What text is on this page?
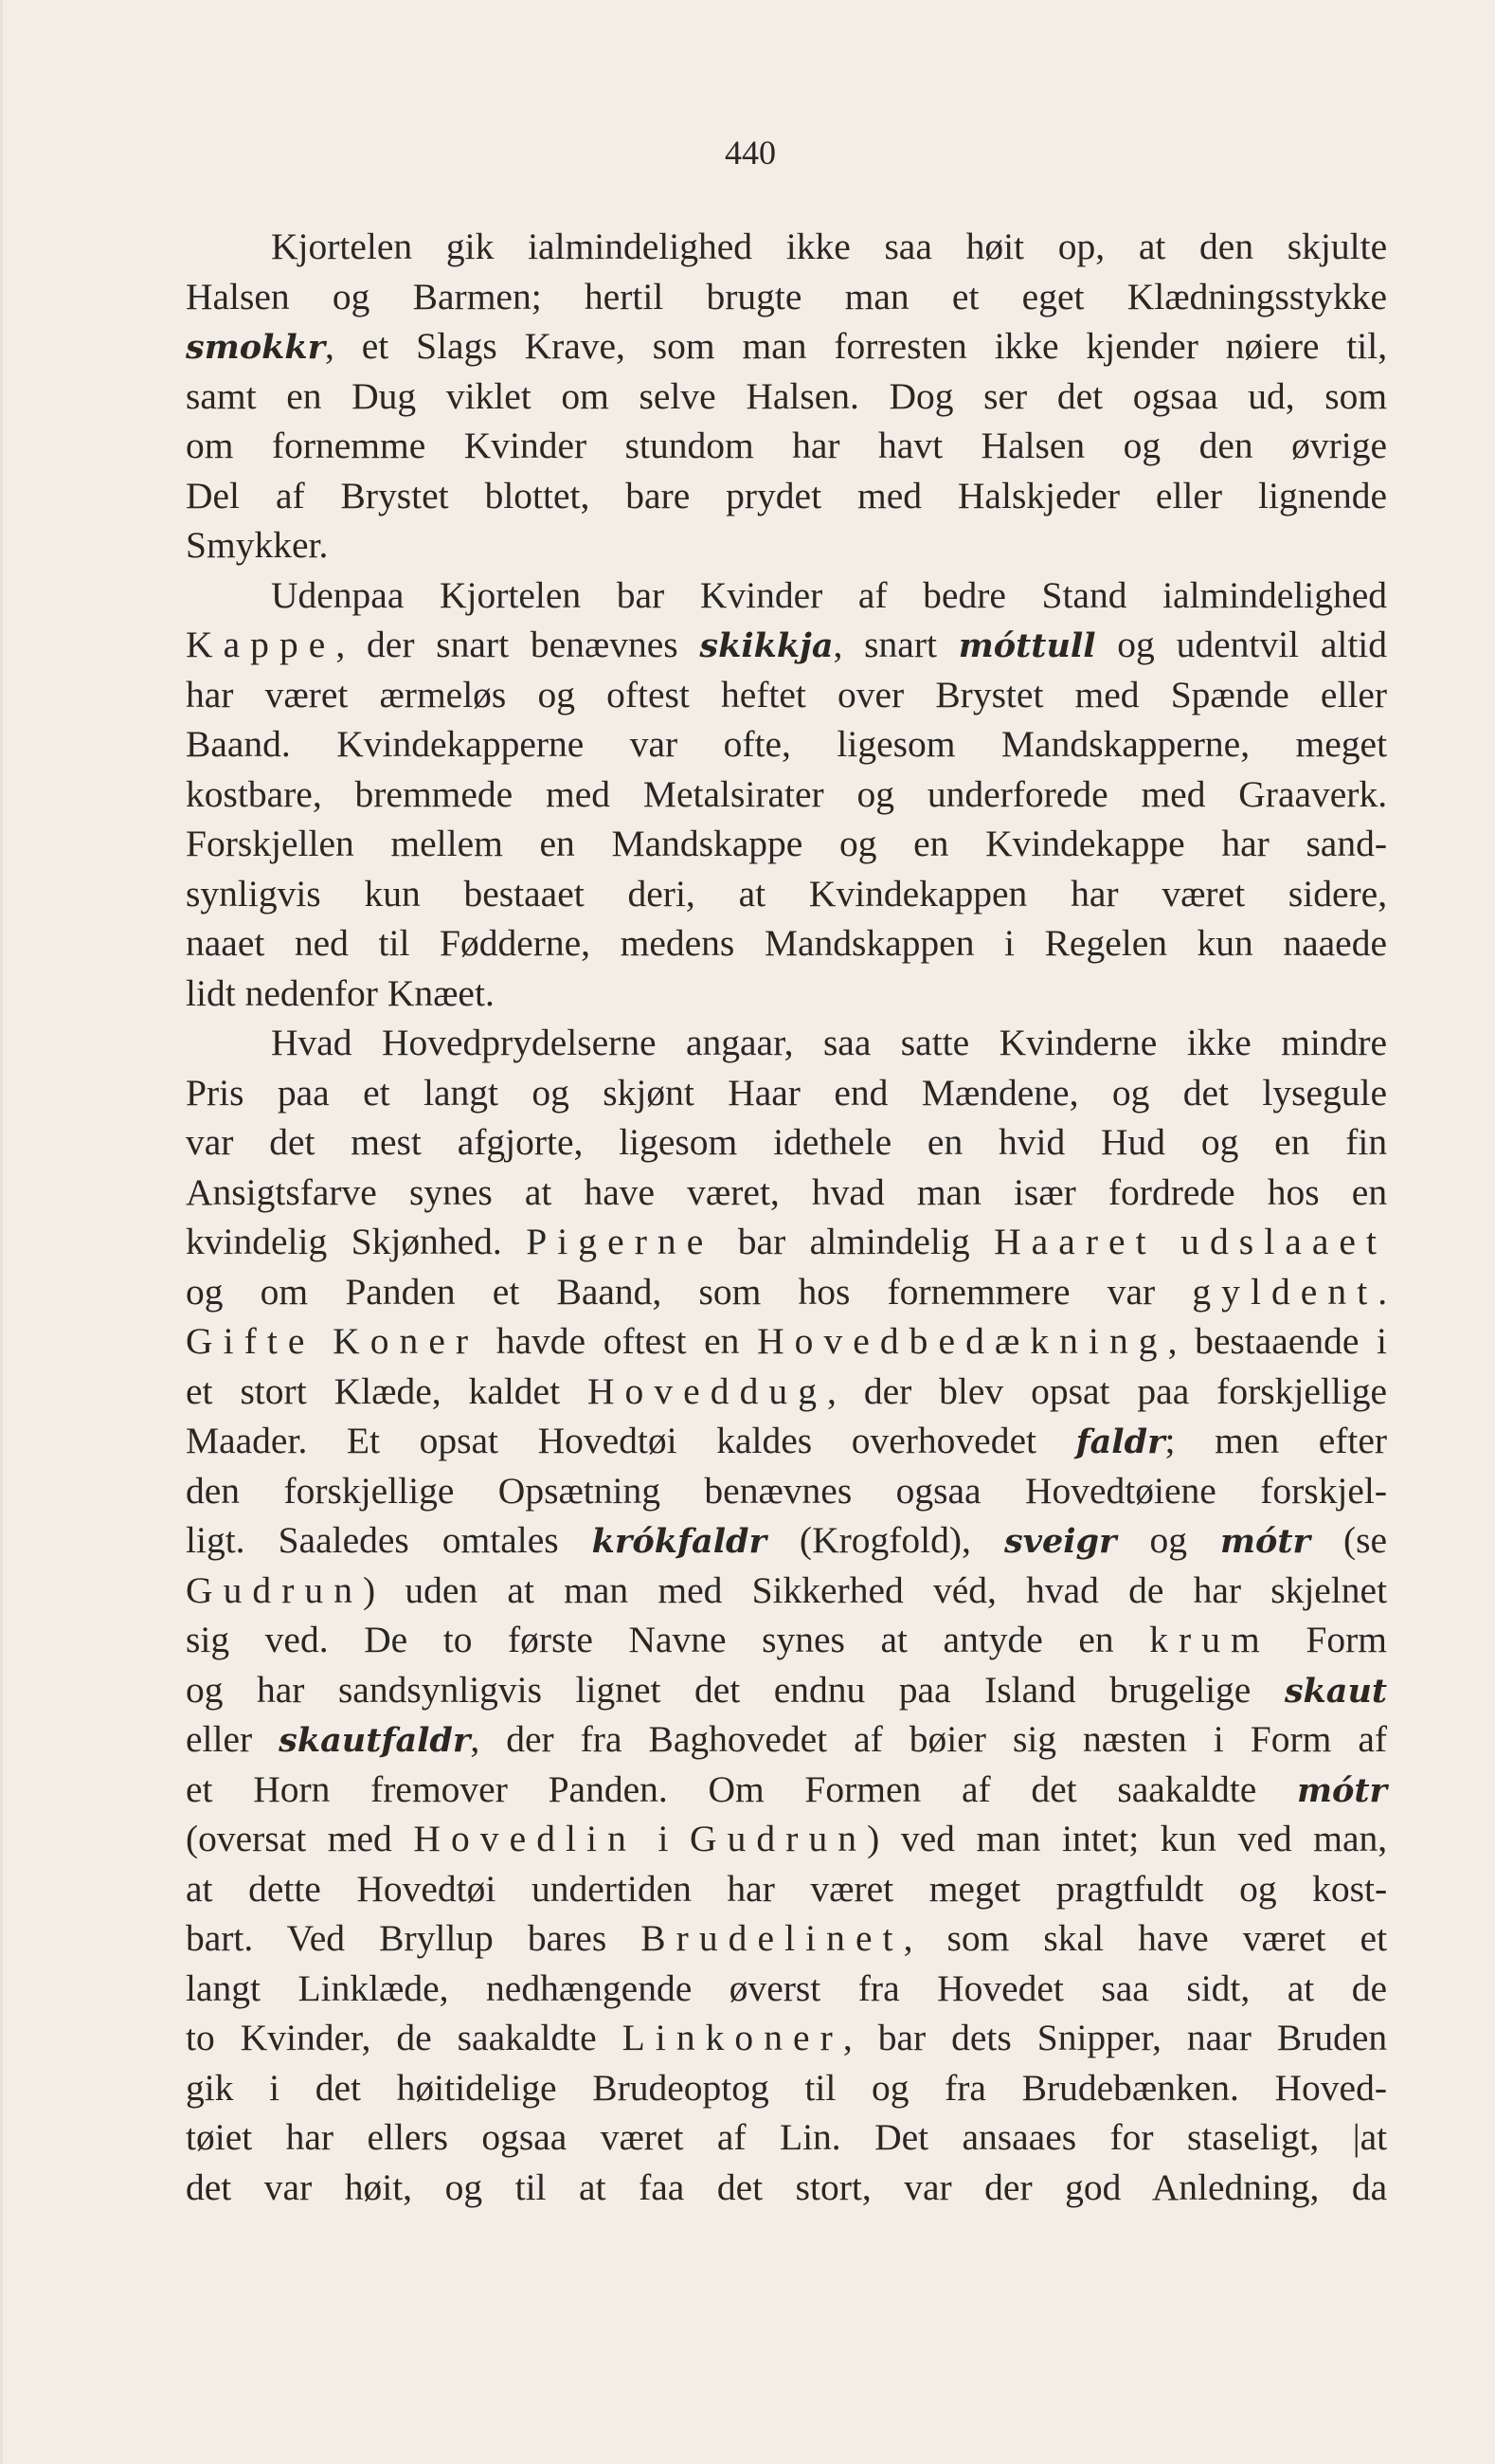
440
Kjortelen gik ialmindelighed ikke saa høit op, at den skjulte
Halsen og Barmen; hertil brugte man et eget Klædningsstykke
smokkr, et Slags Krave, som man forresten ikke kjender nøiere til,
samt en Dug viklet om selve Halsen. Dog ser det ogsaa ud, som
om fornemme Kvinder stundom har havt Halsen og den øvrige
Del af Brystet blottet, bare prydet med Halskjeder eller lignende
Smykker.
Udenpaa Kjortelen bar Kvinder af bedre Stand ialmindelighed
Kappe, der snart benævnes skikkja, snart móttull og udentvil altid
har været ærmeløs og oftest heftet over Brystet med Spænde eller
Baand. Kvindekapperne var ofte, ligesom Mandskapperne, meget
kostbare, bremmede med Metalsirater og underforede med Graaverk.
Forskjellen mellem en Mandskappe og en Kvindekappe har sand-
synligvis kun bestaaet deri, at Kvindekappen har været sidere,
naaet ned til Fødderne, medens Mandskappen i Regelen kun naaede
lidt nedenfor Knæet.
Hvad Hovedprydelserne angaar, saa satte Kvinderne ikke mindre
Pris paa et langt og skjønt Haar end Mændene, og det lysegule
var det mest afgjorte, ligesom idethele en hvid Hud og en fin
Ansigtsfarve synes at have været, hvad man især fordrede hos en
kvindelig Skjønhed. Pigerne bar almindelig Haaret udslaaet
og om Panden et Baand, som hos fornemmere var gyldent.
Gifte Koner havde oftest en Hovedbedækning, bestaaende i
et stort Klæde, kaldet Hoveddug, der blev opsat paa forskjellige
Maader. Et opsat Hovedtøi kaldes overhovedet faldr; men efter
den forskjellige Opsætning benævnes ogsaa Hovedtøiene forskjel-
ligt. Saaledes omtales krókfaldr (Krogfold), sveigr og mótr (se
Gudrun) uden at man med Sikkerhed véd, hvad de har skjelnet
sig ved. De to første Navne synes at antyde en krum Form
og har sandsynligvis lignet det endnu paa Island brugelige skaut
eller skautfaldr, der fra Baghovedet af bøier sig næsten i Form af
et Horn fremover Panden. Om Formen af det saakaldte mótr
(oversat med Hovedlin i Gudrun) ved man intet; kun ved man,
at dette Hovedtøi undertiden har været meget pragtfuldt og kost-
bart. Ved Bryllup bares Brudelinet, som skal have været et
langt Linklæde, nedhængende øverst fra Hovedet saa sidt, at de
to Kvinder, de saakaldte Linkoner, bar dets Snipper, naar Bruden
gik i det høitidelige Brudeoptog til og fra Brudebænken. Hoved-
tøiet har ellers ogsaa været af Lin. Det ansaaes for staseligt, |at
det var høit, og til at faa det stort, var der god Anledning, da
